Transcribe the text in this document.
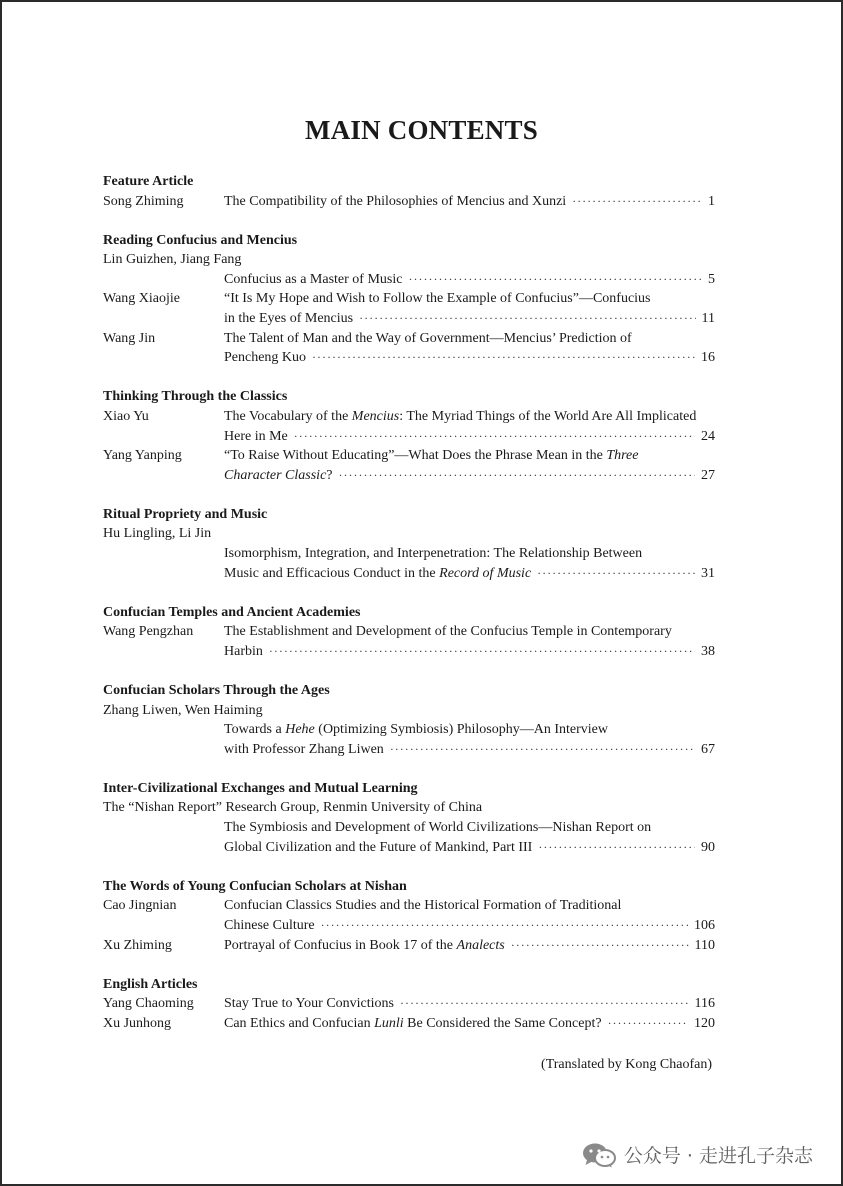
MAIN CONTENTS
Feature Article
Song Zhiming	The Compatibility of the Philosophies of Mencius and Xunzi ·····	1
Reading Confucius and Mencius
Lin Guizhen, Jiang Fang
Confucius as a Master of Music ·····	5
Wang Xiaojie	“It Is My Hope and Wish to Follow the Example of Confucius”—Confucius
in the Eyes of Mencius ·····	11
Wang Jin	The Talent of Man and the Way of Government—Mencius’ Prediction of
Pencheng Kuo ·····	16
Thinking Through the Classics
Xiao Yu	The Vocabulary of the Mencius: The Myriad Things of the World Are All Implicated
Here in Me ·····	24
Yang Yanping	“To Raise Without Educating”—What Does the Phrase Mean in the Three
Character Classic? ·····	27
Ritual Propriety and Music
Hu Lingling, Li Jin
Isomorphism, Integration, and Interpenetration: The Relationship Between
Music and Efficacious Conduct in the Record of Music ·····	31
Confucian Temples and Ancient Academies
Wang Pengzhan The Establishment and Development of the Confucius Temple in Contemporary
Harbin ·····	38
Confucian Scholars Through the Ages
Zhang Liwen, Wen Haiming
Towards a Hehe (Optimizing Symbiosis) Philosophy—An Interview
with Professor Zhang Liwen ·····	67
Inter-Civilizational Exchanges and Mutual Learning
The “Nishan Report” Research Group, Renmin University of China
The Symbiosis and Development of World Civilizations—Nishan Report on
Global Civilization and the Future of Mankind, Part III ·····	90
The Words of Young Confucian Scholars at Nishan
Cao Jingnian	Confucian Classics Studies and the Historical Formation of Traditional
Chinese Culture ·····	106
Xu Zhiming	Portrayal of Confucius in Book 17 of the Analects ·····	110
English Articles
Yang Chaoming Stay True to Your Convictions ·····	116
Xu Junhong	Can Ethics and Confucian Lunli Be Considered the Same Concept? ·····	120
(Translated by Kong Chaofan)
公众号 · 走进孔子杂志
